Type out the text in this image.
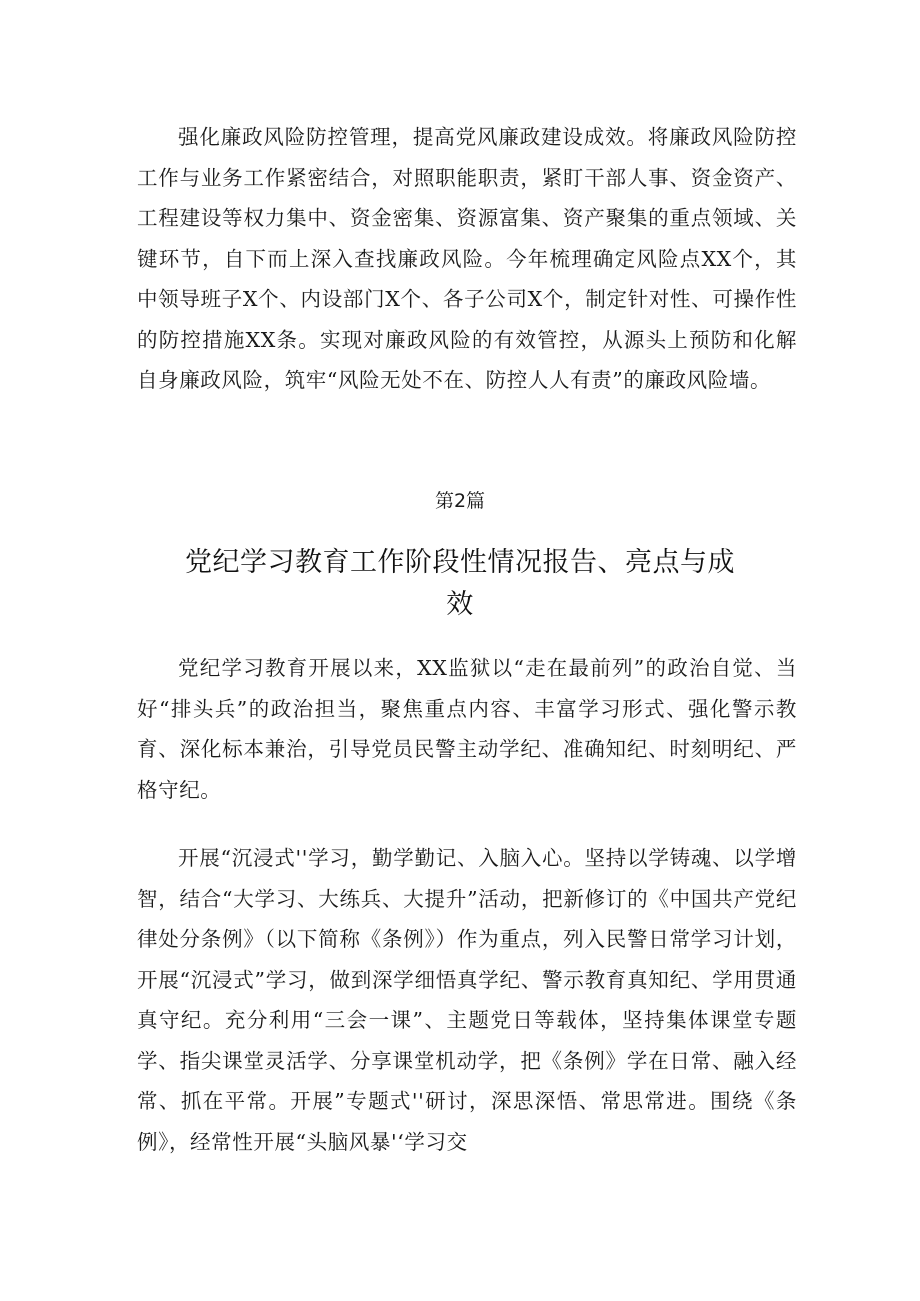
强化廉政风险防控管理，提高党风廉政建设成效。将廉政风险防控工作与业务工作紧密结合，对照职能职责，紧盯干部人事、资金资产、工程建设等权力集中、资金密集、资源富集、资产聚集的重点领域、关键环节，自下而上深入查找廉政风险。今年梳理确定风险点XX个，其中领导班子X个、内设部门X个、各子公司X个，制定针对性、可操作性的防控措施XX条。实现对廉政风险的有效管控，从源头上预防和化解自身廉政风险，筑牢“风险无处不在、防控人人有责”的廉政风险墙。

第2篇

党纪学习教育工作阶段性情况报告、亮点与成效

党纪学习教育开展以来，XX监狱以“走在最前列”的政治自觉、当好“排头兵”的政治担当，聚焦重点内容、丰富学习形式、强化警示教育、深化标本兼治，引导党员民警主动学纪、准确知纪、时刻明纪、严格守纪。

开展“沉浸式''学习，勤学勤记、入脑入心。坚持以学铸魂、以学增智，结合“大学习、大练兵、大提升”活动，把新修订的《中国共产党纪律处分条例》（以下简称《条例》）作为重点，列入民警日常学习计划，开展“沉浸式”学习，做到深学细悟真学纪、警示教育真知纪、学用贯通真守纪。充分利用“三会一课”、主题党日等载体，坚持集体课堂专题学、指尖课堂灵活学、分享课堂机动学，把《条例》学在日常、融入经常、抓在平常。开展”专题式''研讨，深思深悟、常思常进。围绕《条例》，经常性开展“头脑风暴'‘学习交
